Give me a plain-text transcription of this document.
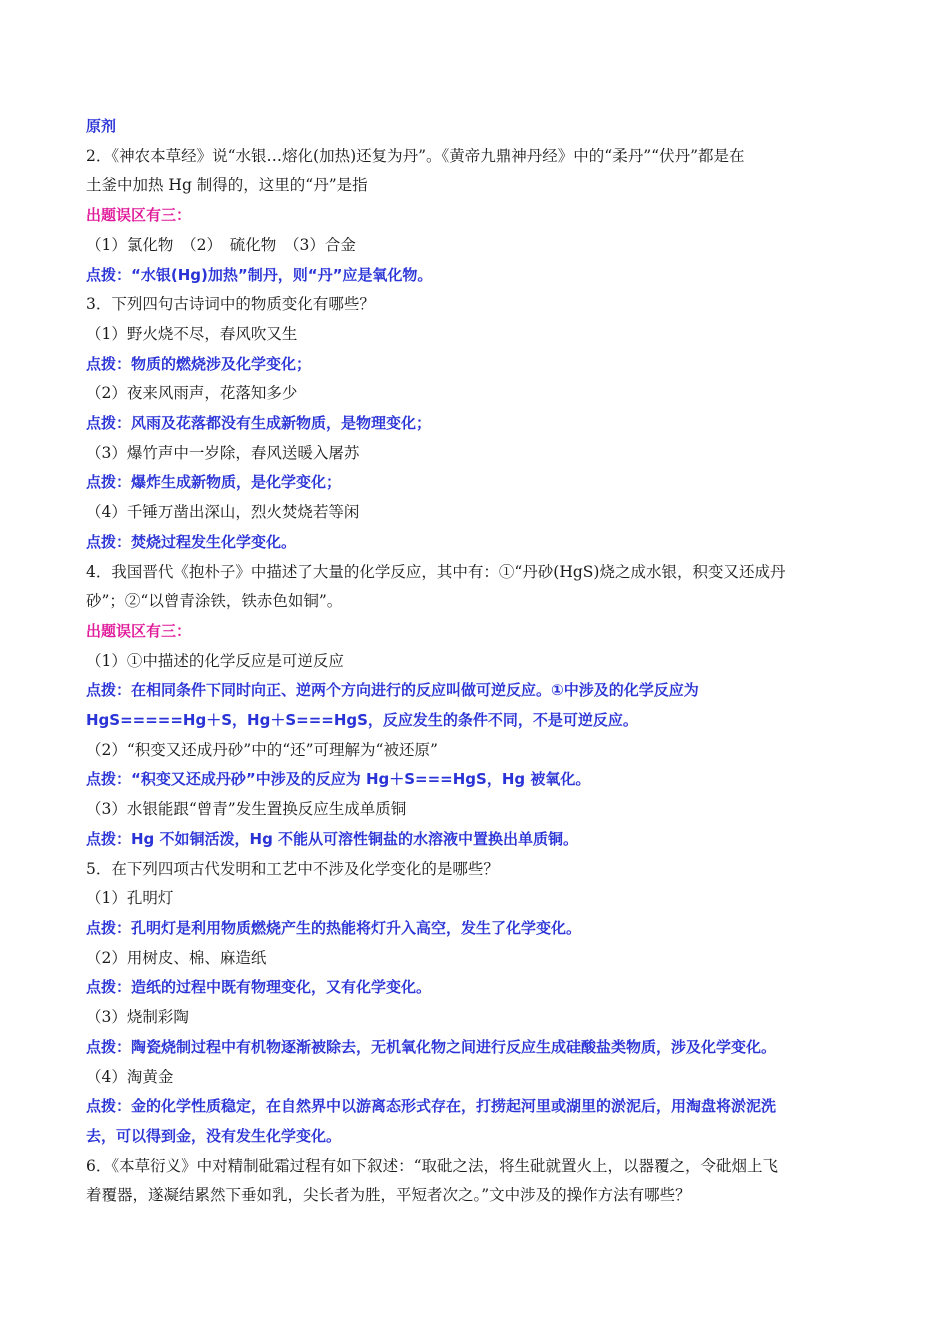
原剂
2．《神农本草经》说“水银…熔化(加热)还复为丹”。《黄帝九鼎神丹经》中的“柔丹”“伏丹”都是在
土釜中加热 Hg 制得的，这里的“丹”是指
出题误区有三：
（1）氯化物　（2）　硫化物　（3）合金
点拨：“水银(Hg)加热”制丹，则“丹”应是氧化物。
3．下列四句古诗词中的物质变化有哪些？
（1）野火烧不尽，春风吹又生
点拨：物质的燃烧涉及化学变化；
（2）夜来风雨声，花落知多少
点拨：风雨及花落都没有生成新物质，是物理变化；
（3）爆竹声中一岁除，春风送暖入屠苏
点拨：爆炸生成新物质，是化学变化；
（4）千锤万凿出深山，烈火焚烧若等闲
点拨：焚烧过程发生化学变化。
4．我国晋代《抱朴子》中描述了大量的化学反应，其中有：①“丹砂(HgS)烧之成水银，积变又还成丹
砂”；②“以曾青涂铁，铁赤色如铜”。
出题误区有三：
（1）①中描述的化学反应是可逆反应
点拨：在相同条件下同时向正、逆两个方向进行的反应叫做可逆反应。①中涉及的化学反应为
HgS=====Hg＋S，Hg＋S===HgS，反应发生的条件不同，不是可逆反应。
（2）“积变又还成丹砂”中的“还”可理解为“被还原”
点拨：“积变又还成丹砂”中涉及的反应为 Hg＋S===HgS，Hg 被氧化。
（3）水银能跟“曾青”发生置换反应生成单质铜
点拨：Hg 不如铜活泼，Hg 不能从可溶性铜盐的水溶液中置换出单质铜。
5．在下列四项古代发明和工艺中不涉及化学变化的是哪些？
（1）孔明灯
点拨：孔明灯是利用物质燃烧产生的热能将灯升入高空，发生了化学变化。
（2）用树皮、棉、麻造纸
点拨：造纸的过程中既有物理变化，又有化学变化。
（3）烧制彩陶
点拨：陶瓷烧制过程中有机物逐渐被除去，无机氧化物之间进行反应生成硅酸盐类物质，涉及化学变化。
（4）淘黄金
点拨：金的化学性质稳定，在自然界中以游离态形式存在，打捞起河里或湖里的淤泥后，用淘盘将淤泥洗
去，可以得到金，没有发生化学变化。
6．《本草衍义》中对精制砒霜过程有如下叙述：“取砒之法，将生砒就置火上，以器覆之，令砒烟上飞
着覆器，遂凝结累然下垂如乳，尖长者为胜，平短者次之。”文中涉及的操作方法有哪些？
